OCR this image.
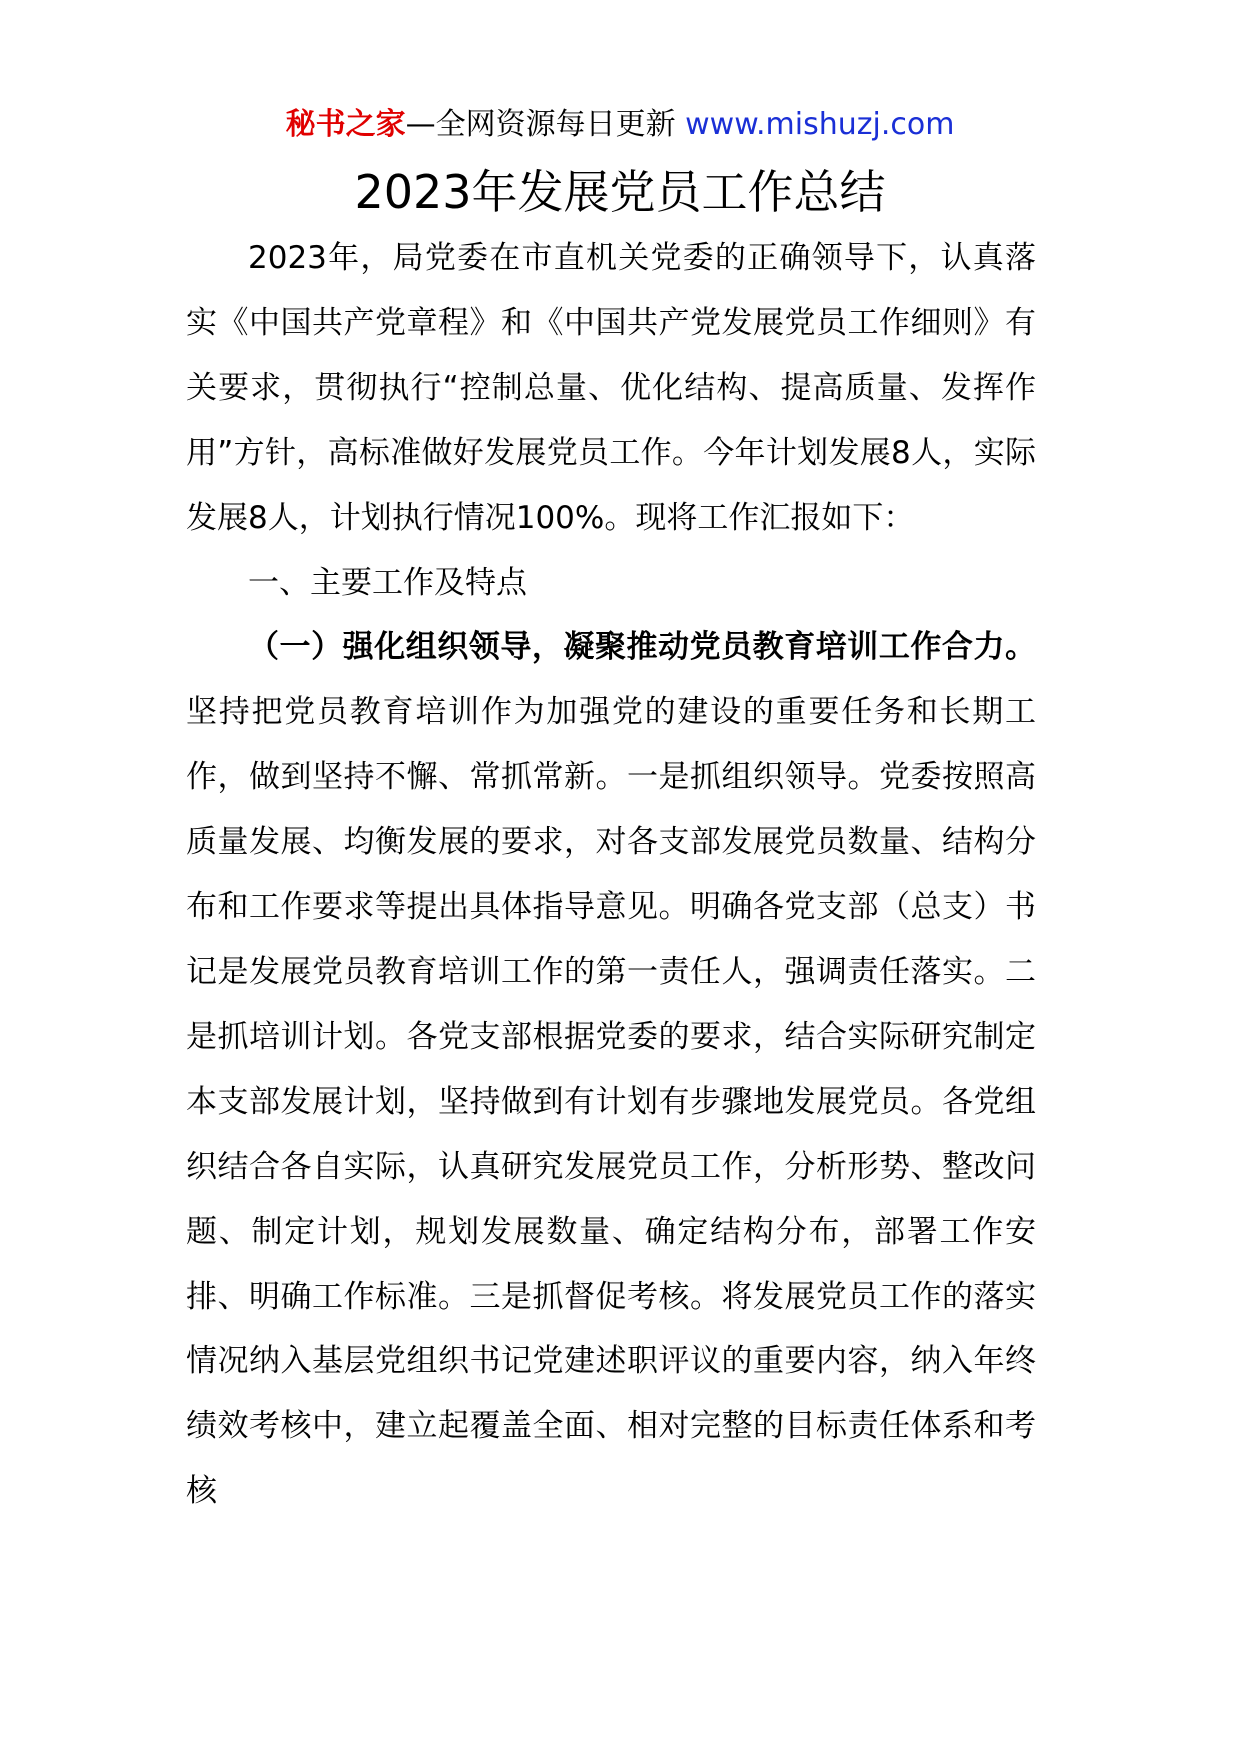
秘书之家—全网资源每日更新 www.mishuzj.com
2023年发展党员工作总结

2023年，局党委在市直机关党委的正确领导下，认真落实《中国共产党章程》和《中国共产党发展党员工作细则》有关要求，贯彻执行“控制总量、优化结构、提高质量、发挥作用”方针，高标准做好发展党员工作。今年计划发展8人，实际发展8人，计划执行情况100%。现将工作汇报如下：

一、主要工作及特点

（一）强化组织领导，凝聚推动党员教育培训工作合力。坚持把党员教育培训作为加强党的建设的重要任务和长期工作，做到坚持不懈、常抓常新。一是抓组织领导。党委按照高质量发展、均衡发展的要求，对各支部发展党员数量、结构分布和工作要求等提出具体指导意见。明确各党支部（总支）书记是发展党员教育培训工作的第一责任人，强调责任落实。二是抓培训计划。各党支部根据党委的要求，结合实际研究制定本支部发展计划，坚持做到有计划有步骤地发展党员。各党组织结合各自实际，认真研究发展党员工作，分析形势、整改问题、制定计划，规划发展数量、确定结构分布，部署工作安排、明确工作标准。三是抓督促考核。将发展党员工作的落实情况纳入基层党组织书记党建述职评议的重要内容，纳入年终绩效考核中，建立起覆盖全面、相对完整的目标责任体系和考核
